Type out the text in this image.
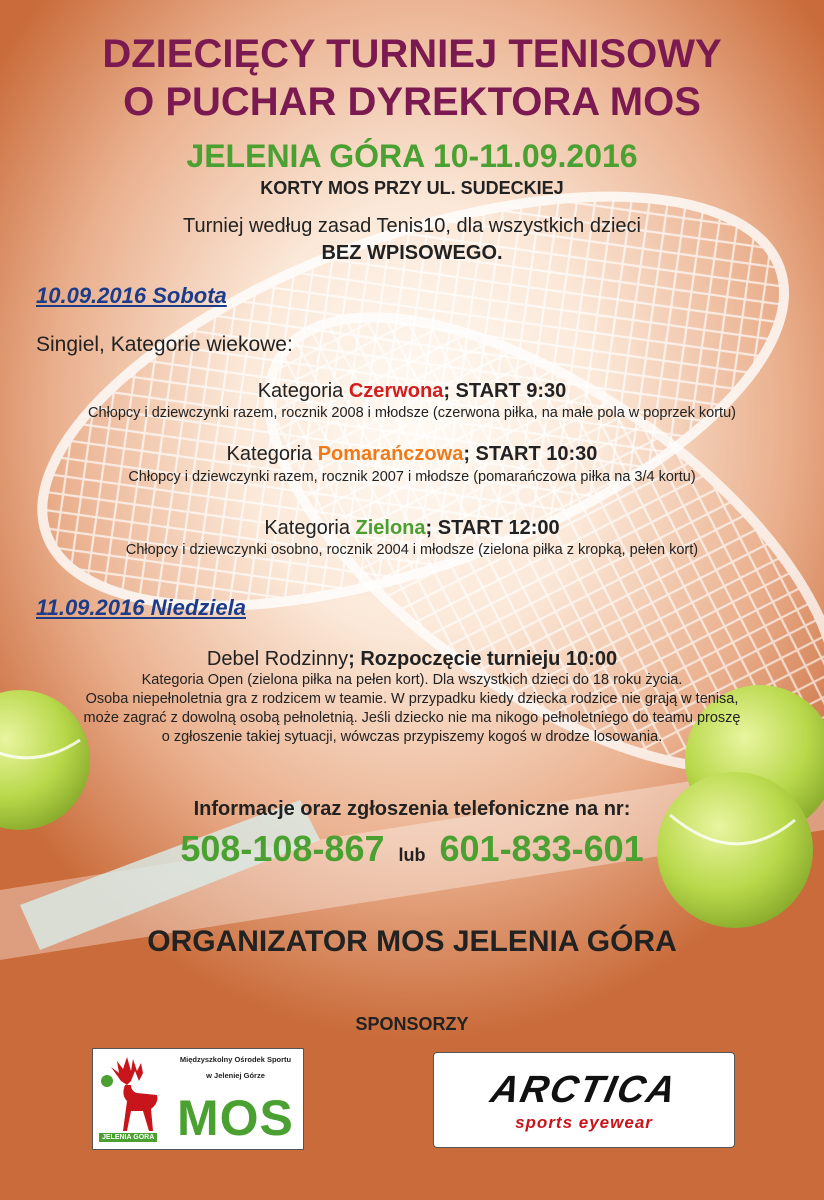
DZIECIĘCY TURNIEJ TENISOWY
O PUCHAR DYREKTORA MOS
JELENIA GÓRA 10-11.09.2016
KORTY MOS PRZY UL. SUDECKIEJ
Turniej według zasad Tenis10, dla wszystkich dzieci
BEZ WPISOWEGO.
10.09.2016 Sobota
Singiel, Kategorie wiekowe:
Kategoria Czerwona; START 9:30
Chłopcy i dziewczynki razem, rocznik 2008 i młodsze (czerwona piłka, na małe pola w poprzek kortu)
Kategoria Pomarańczowa; START 10:30
Chłopcy i dziewczynki razem, rocznik 2007 i młodsze (pomarańczowa piłka na 3/4 kortu)
Kategoria Zielona; START 12:00
Chłopcy i dziewczynki osobno, rocznik 2004 i młodsze (zielona piłka z kropką, pełen kort)
11.09.2016 Niedziela
Debel Rodzinny; Rozpoczęcie turnieju 10:00
Kategoria Open (zielona piłka na pełen kort). Dla wszystkich dzieci do 18 roku życia.
Osoba niepełnoletnia gra z rodzicem w teamie. W przypadku kiedy dziecka rodzice nie grają w tenisa,
może zagrać z dowolną osobą pełnoletnią. Jeśli dziecko nie ma nikogo pełnoletniego do teamu proszę
o zgłoszenie takiej sytuacji, wówczas przypiszemy kogoś w drodze losowania.
Informacje oraz zgłoszenia telefoniczne na nr:
508-108-867 lub 601-833-601
ORGANIZATOR MOS JELENIA GÓRA
SPONSORZY
Międzyszkolny Ośrodek Sportu
w Jeleniej Górze
JELENIA GÓRA MOS	ARCTICA
sports eyewear
